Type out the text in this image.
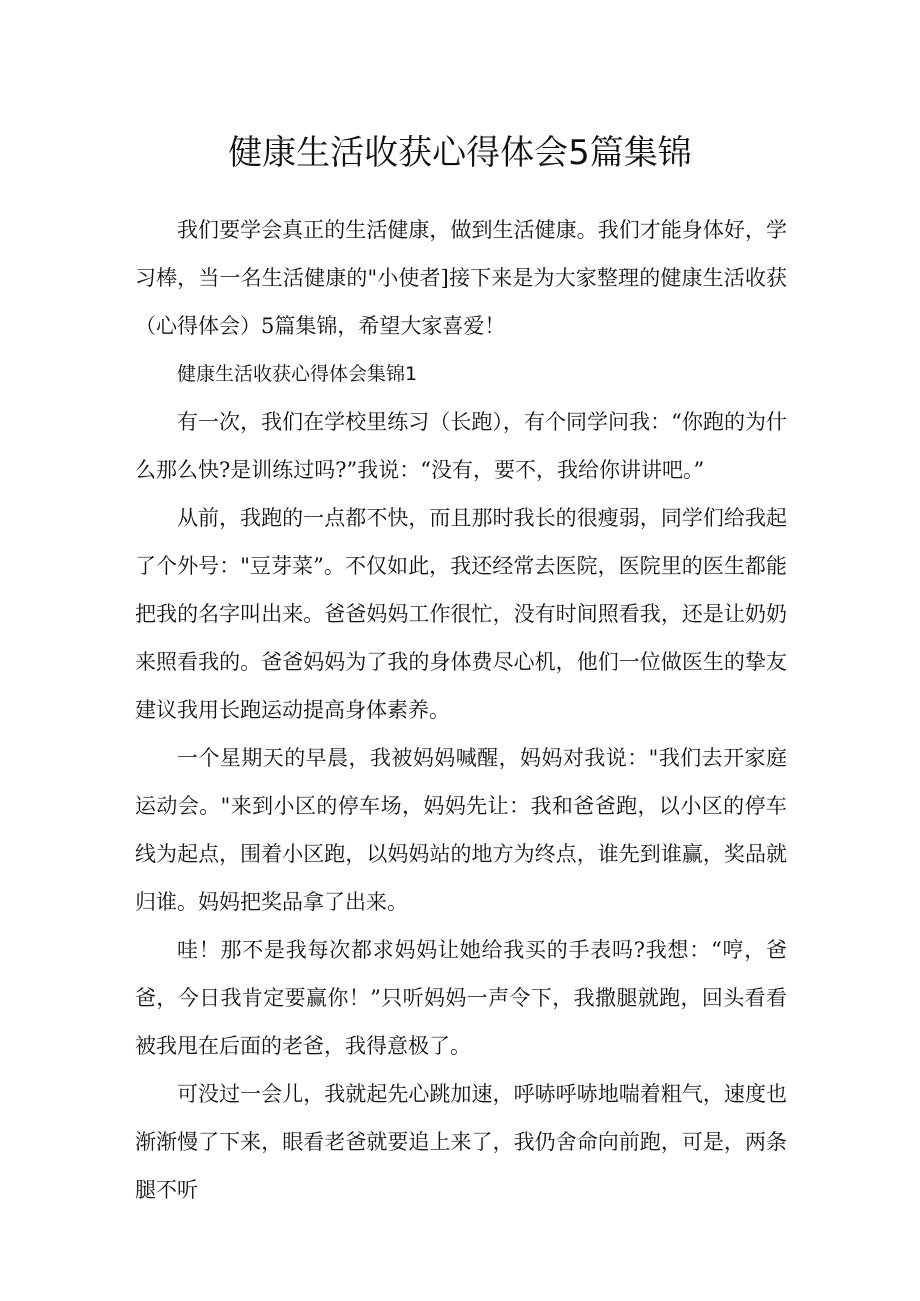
健康生活收获心得体会5篇集锦

我们要学会真正的生活健康，做到生活健康。我们才能身体好，学习棒，当一名生活健康的"小使者]接下来是为大家整理的健康生活收获（心得体会）5篇集锦，希望大家喜爱！

健康生活收获心得体会集锦1

有一次，我们在学校里练习（长跑），有个同学问我：“你跑的为什么那么快?是训练过吗?”我说：“没有，要不，我给你讲讲吧。”

从前，我跑的一点都不快，而且那时我长的很瘦弱，同学们给我起了个外号："豆芽菜”。不仅如此，我还经常去医院，医院里的医生都能把我的名字叫出来。爸爸妈妈工作很忙，没有时间照看我，还是让奶奶来照看我的。爸爸妈妈为了我的身体费尽心机，他们一位做医生的挚友建议我用长跑运动提高身体素养。

一个星期天的早晨，我被妈妈喊醒，妈妈对我说："我们去开家庭运动会。"来到小区的停车场，妈妈先让：我和爸爸跑，以小区的停车线为起点，围着小区跑，以妈妈站的地方为终点，谁先到谁赢，奖品就归谁。妈妈把奖品拿了出来。

哇！那不是我每次都求妈妈让她给我买的手表吗?我想：“哼，爸爸，今日我肯定要赢你！”只听妈妈一声令下，我撒腿就跑，回头看看被我甩在后面的老爸，我得意极了。

可没过一会儿，我就起先心跳加速，呼哧呼哧地喘着粗气，速度也渐渐慢了下来，眼看老爸就要追上来了，我仍舍命向前跑，可是，两条腿不听
